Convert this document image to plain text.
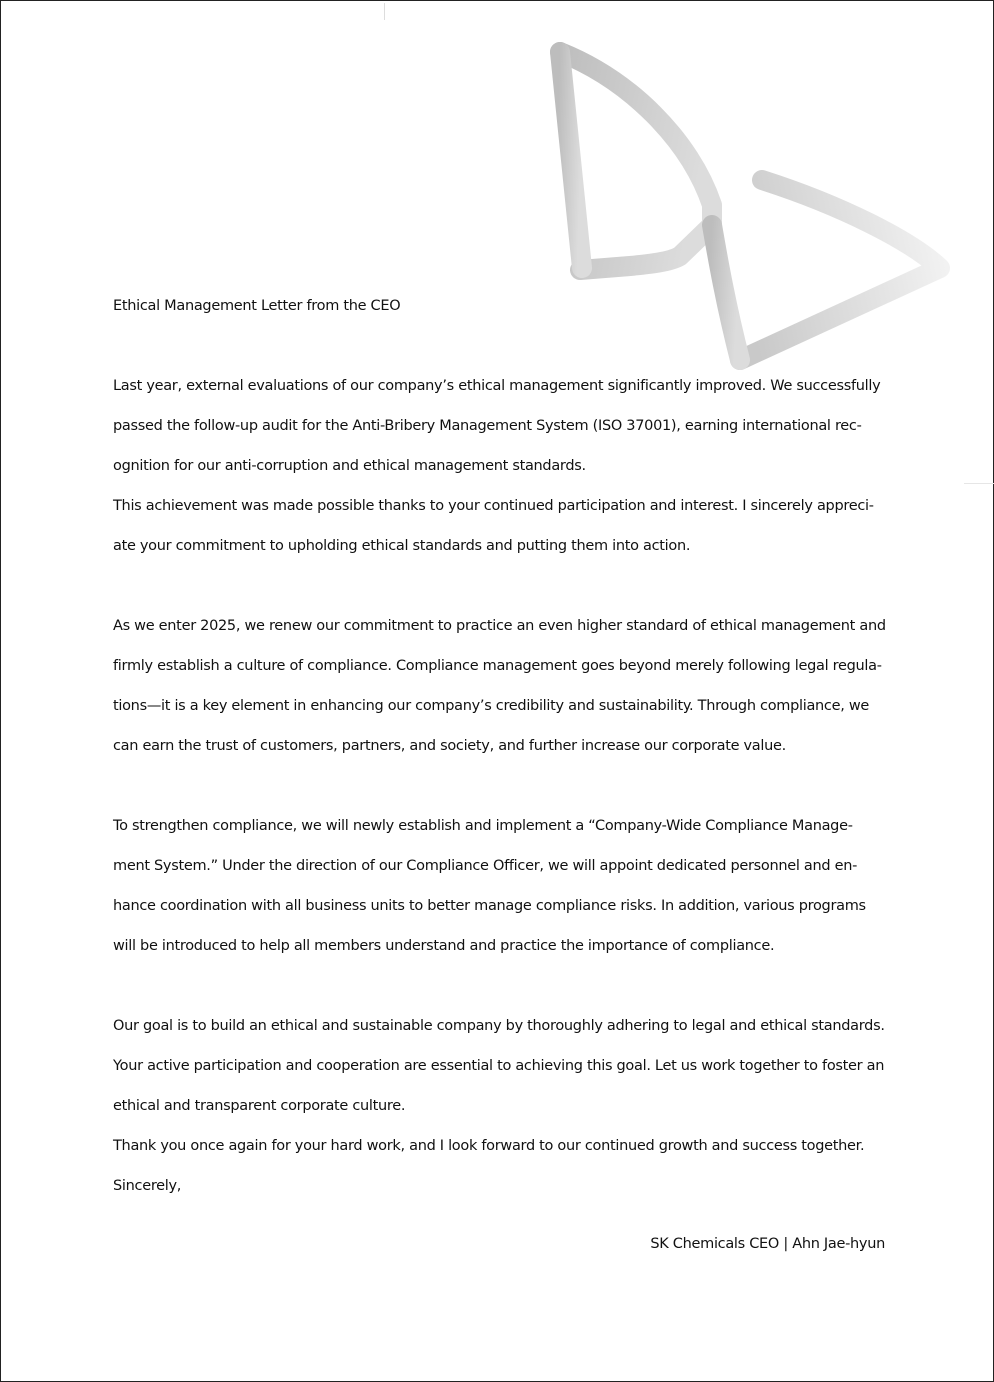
Ethical Management Letter from the CEO

Last year, external evaluations of our company’s ethical management significantly improved. We successfully
passed the follow-up audit for the Anti-Bribery Management System (ISO 37001), earning international rec-
ognition for our anti-corruption and ethical management standards.
This achievement was made possible thanks to your continued participation and interest. I sincerely appreci-
ate your commitment to upholding ethical standards and putting them into action.

As we enter 2025, we renew our commitment to practice an even higher standard of ethical management and
firmly establish a culture of compliance. Compliance management goes beyond merely following legal regula-
tions—it is a key element in enhancing our company’s credibility and sustainability. Through compliance, we
can earn the trust of customers, partners, and society, and further increase our corporate value.

To strengthen compliance, we will newly establish and implement a “Company-Wide Compliance Manage-
ment System.” Under the direction of our Compliance Officer, we will appoint dedicated personnel and en-
hance coordination with all business units to better manage compliance risks. In addition, various programs
will be introduced to help all members understand and practice the importance of compliance.

Our goal is to build an ethical and sustainable company by thoroughly adhering to legal and ethical standards.
Your active participation and cooperation are essential to achieving this goal. Let us work together to foster an
ethical and transparent corporate culture.
Thank you once again for your hard work, and I look forward to our continued growth and success together.
Sincerely,

SK Chemicals CEO | Ahn Jae-hyun
